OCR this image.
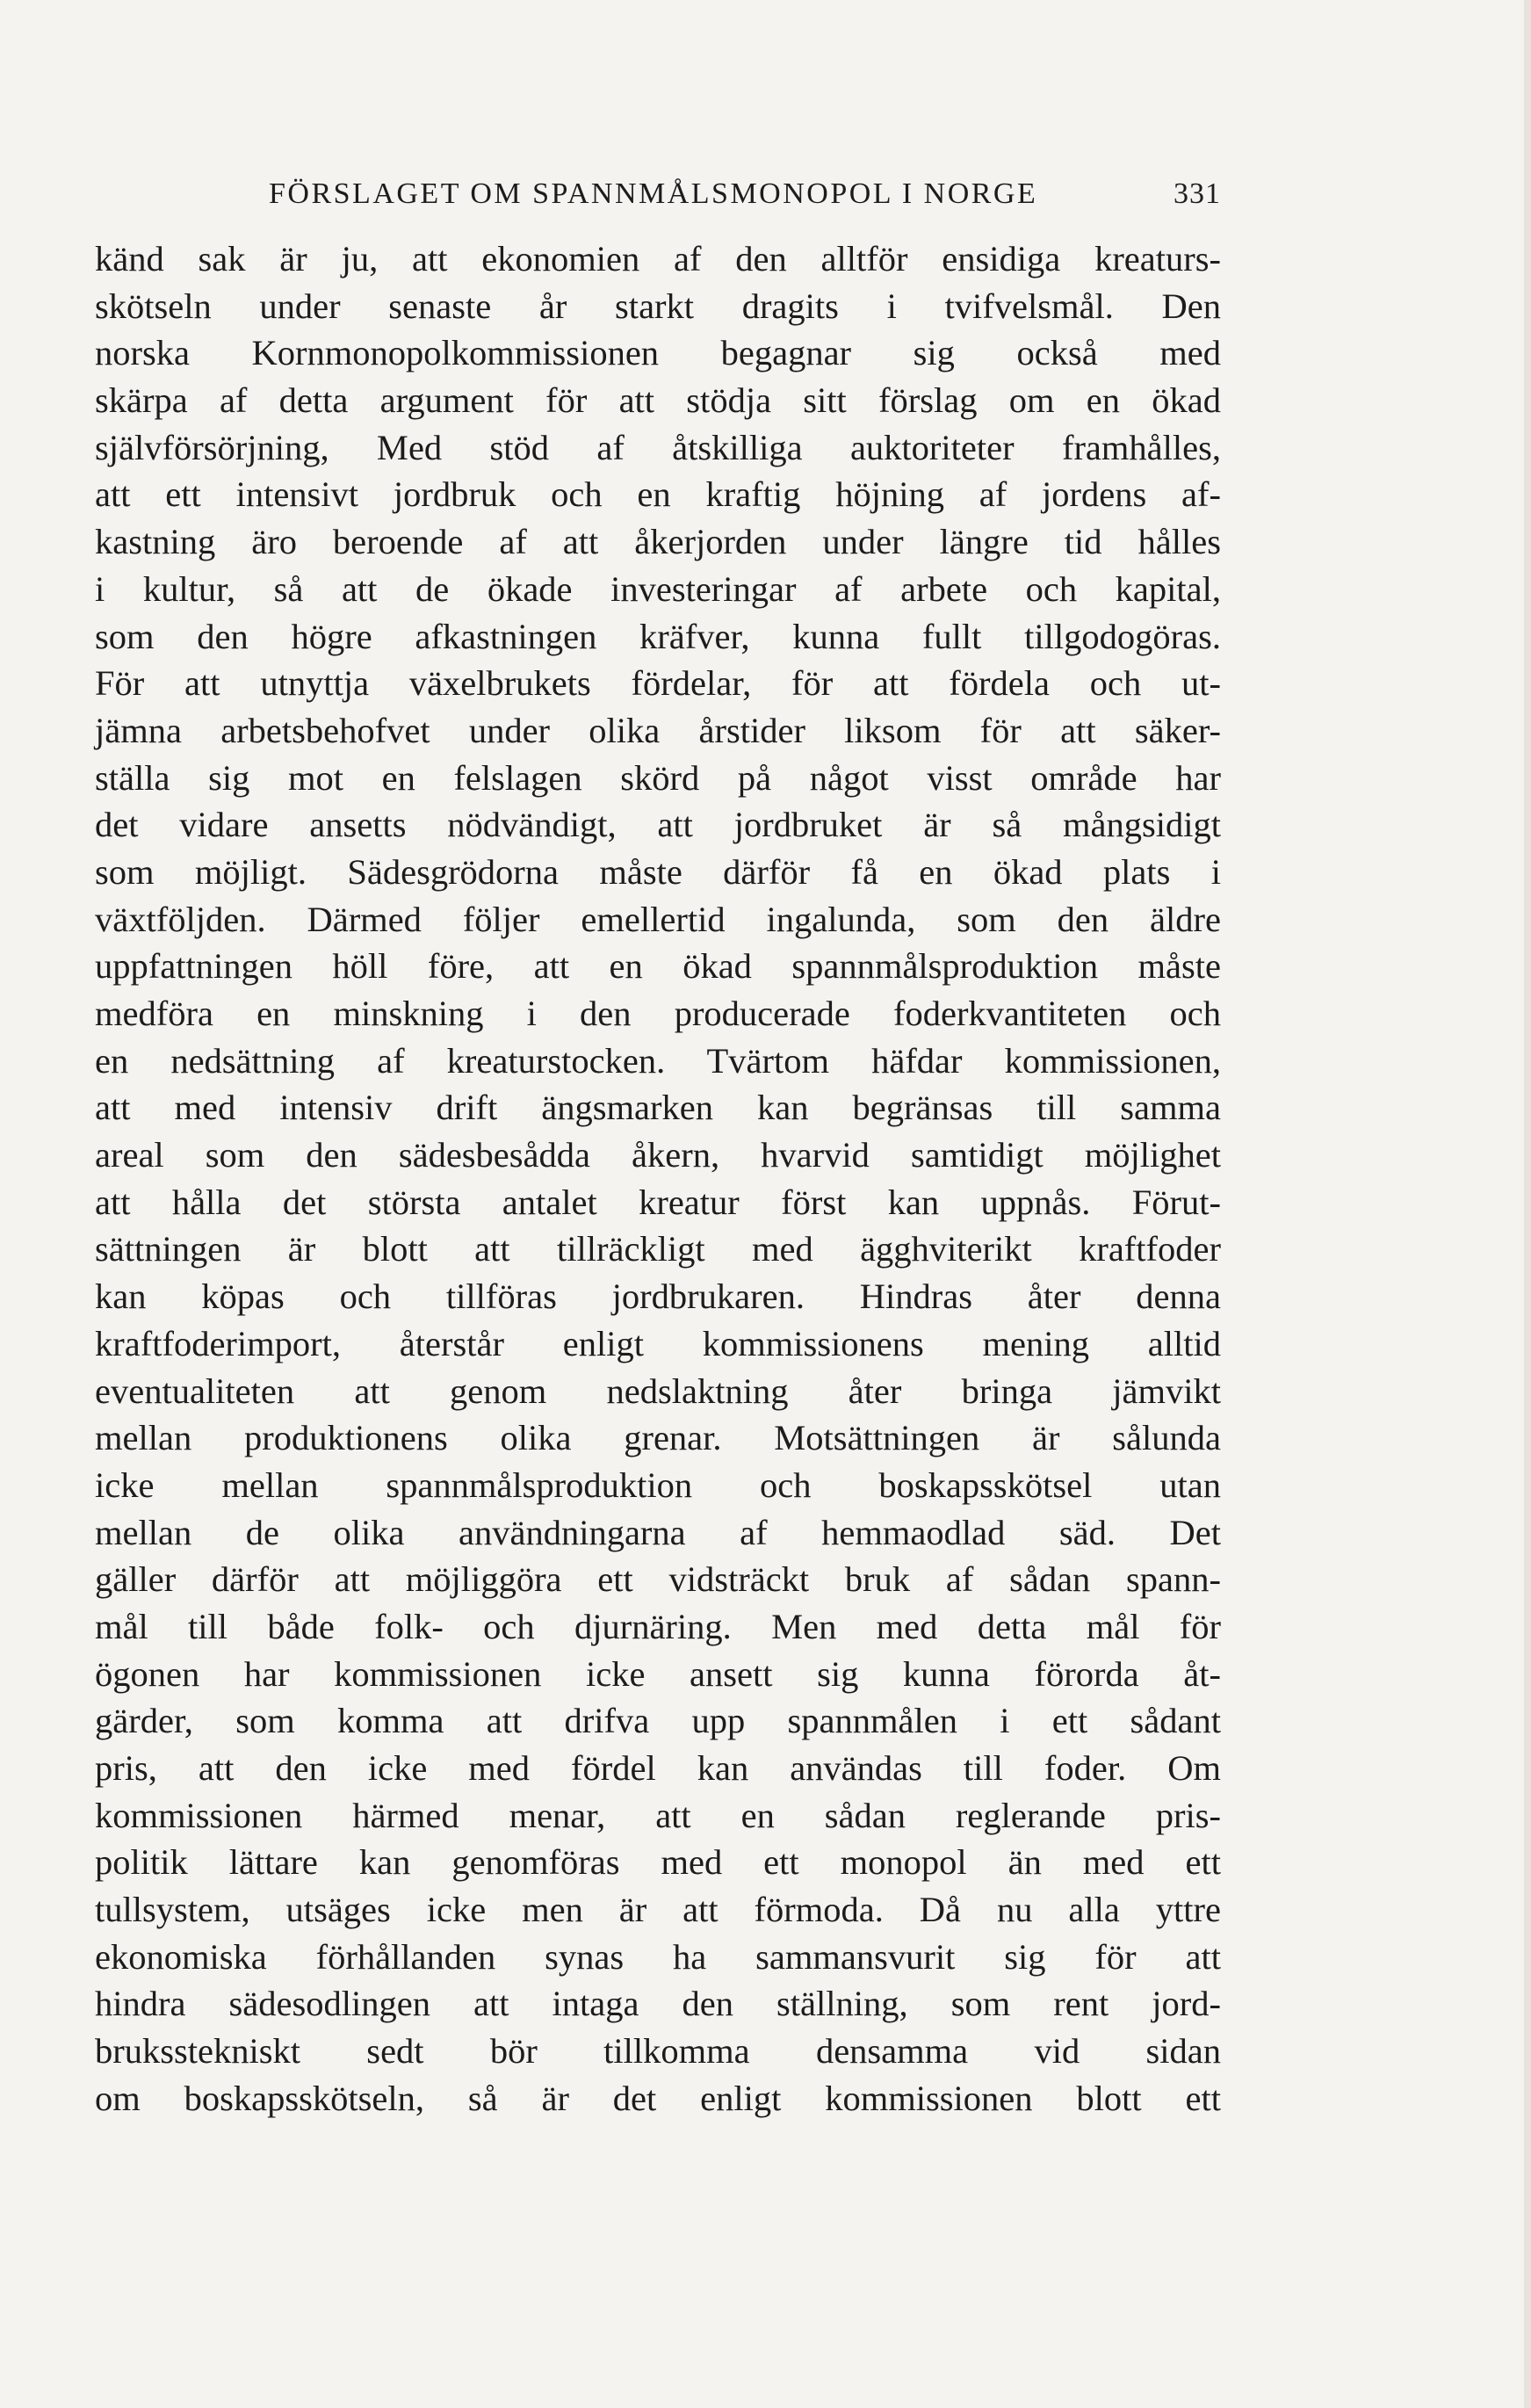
FÖRSLAGET OM SPANNMÅLSMONOPOL I NORGE	331
känd sak är ju, att ekonomien af den alltför ensidiga kreaturs-
skötseln under senaste år starkt dragits i tvifvelsmål. Den
norska Kornmonopolkommissionen begagnar sig också med
skärpa af detta argument för att stödja sitt förslag om en ökad
självförsörjning, Med stöd af åtskilliga auktoriteter framhålles,
att ett intensivt jordbruk och en kraftig höjning af jordens af-
kastning äro beroende af att åkerjorden under längre tid hålles
i kultur, så att de ökade investeringar af arbete och kapital,
som den högre afkastningen kräfver, kunna fullt tillgodogöras.
För att utnyttja växelbrukets fördelar, för att fördela och ut-
jämna arbetsbehofvet under olika årstider liksom för att säker-
ställa sig mot en felslagen skörd på något visst område har
det vidare ansetts nödvändigt, att jordbruket är så mångsidigt
som möjligt. Sädesgrödorna måste därför få en ökad plats i
växtföljden. Därmed följer emellertid ingalunda, som den äldre
uppfattningen höll före, att en ökad spannmålsproduktion måste
medföra en minskning i den producerade foderkvantiteten och
en nedsättning af kreaturstocken. Tvärtom häfdar kommissionen,
att med intensiv drift ängsmarken kan begränsas till samma
areal som den sädesbesådda åkern, hvarvid samtidigt möjlighet
att hålla det största antalet kreatur först kan uppnås. Förut-
sättningen är blott att tillräckligt med ägghviterikt kraftfoder
kan köpas och tillföras jordbrukaren. Hindras åter denna
kraftfoderimport, återstår enligt kommissionens mening alltid
eventualiteten att genom nedslaktning åter bringa jämvikt
mellan produktionens olika grenar. Motsättningen är sålunda
icke mellan spannmålsproduktion och boskapsskötsel utan
mellan de olika användningarna af hemmaodlad säd. Det
gäller därför att möjliggöra ett vidsträckt bruk af sådan spann-
mål till både folk- och djurnäring. Men med detta mål för
ögonen har kommissionen icke ansett sig kunna förorda åt-
gärder, som komma att drifva upp spannmålen i ett sådant
pris, att den icke med fördel kan användas till foder. Om
kommissionen härmed menar, att en sådan reglerande pris-
politik lättare kan genomföras med ett monopol än med ett
tullsystem, utsäges icke men är att förmoda. Då nu alla yttre
ekonomiska förhållanden synas ha sammansvurit sig för att
hindra sädesodlingen att intaga den ställning, som rent jord-
bruksstekniskt sedt bör tillkomma densamma vid sidan
om boskapsskötseln, så är det enligt kommissionen blott ett
